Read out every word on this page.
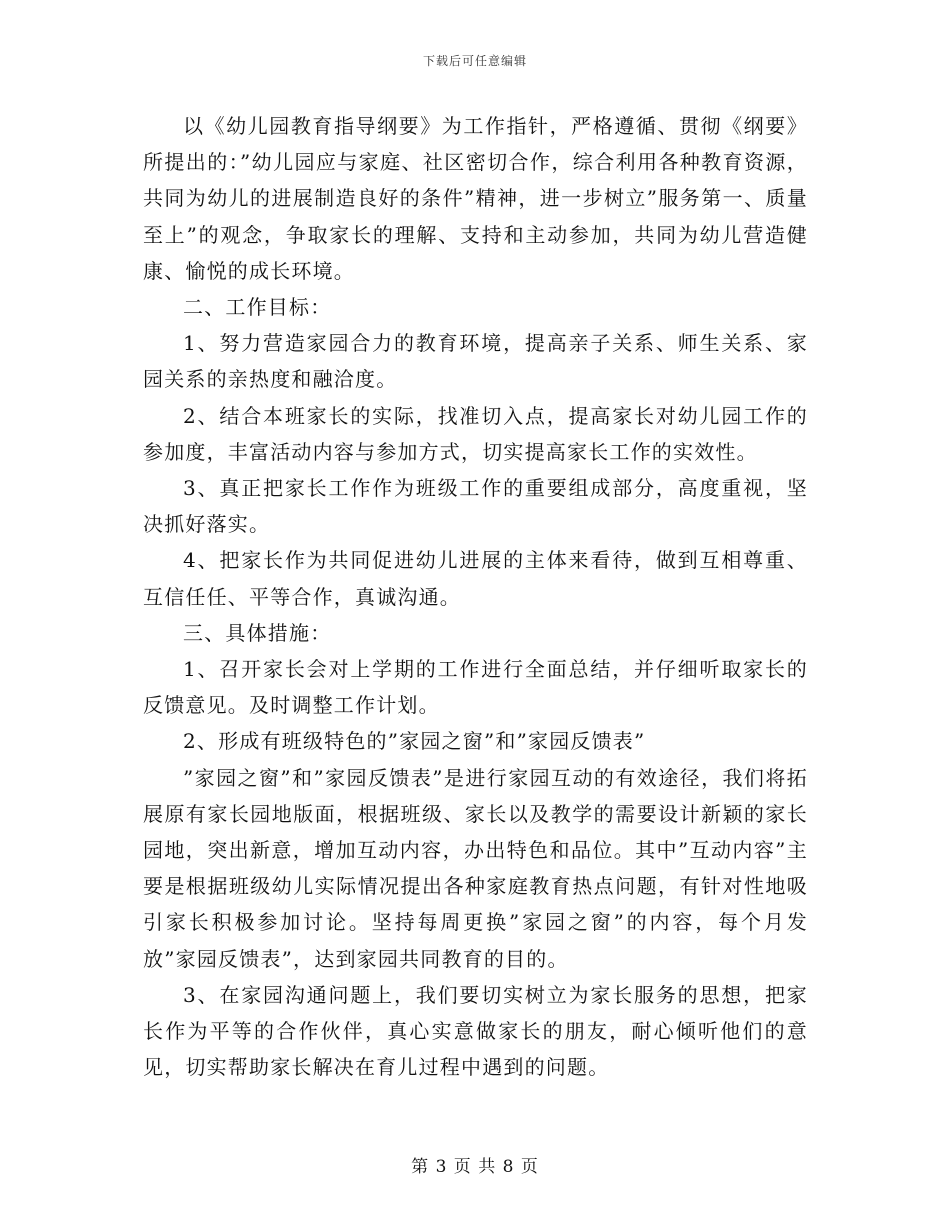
下载后可任意编辑

以《幼儿园教育指导纲要》为工作指针，严格遵循、贯彻《纲要》所提出的：”幼儿园应与家庭、社区密切合作，综合利用各种教育资源，共同为幼儿的进展制造良好的条件”精神，进一步树立”服务第一、质量至上”的观念，争取家长的理解、支持和主动参加，共同为幼儿营造健康、愉悦的成长环境。

二、工作目标：

1、努力营造家园合力的教育环境，提高亲子关系、师生关系、家园关系的亲热度和融洽度。

2、结合本班家长的实际，找准切入点，提高家长对幼儿园工作的参加度，丰富活动内容与参加方式，切实提高家长工作的实效性。

3、真正把家长工作作为班级工作的重要组成部分，高度重视，坚决抓好落实。

4、把家长作为共同促进幼儿进展的主体来看待，做到互相尊重、互信任任、平等合作，真诚沟通。

三、具体措施：

1、召开家长会对上学期的工作进行全面总结，并仔细听取家长的反馈意见。及时调整工作计划。

2、形成有班级特色的”家园之窗”和”家园反馈表”

”家园之窗”和”家园反馈表”是进行家园互动的有效途径，我们将拓展原有家长园地版面，根据班级、家长以及教学的需要设计新颖的家长园地，突出新意，增加互动内容，办出特色和品位。其中”互动内容”主要是根据班级幼儿实际情况提出各种家庭教育热点问题，有针对性地吸引家长积极参加讨论。坚持每周更换”家园之窗”的内容，每个月发放”家园反馈表”，达到家园共同教育的目的。

3、在家园沟通问题上，我们要切实树立为家长服务的思想，把家长作为平等的合作伙伴，真心实意做家长的朋友，耐心倾听他们的意见，切实帮助家长解决在育儿过程中遇到的问题。

第 3 页 共 8 页
